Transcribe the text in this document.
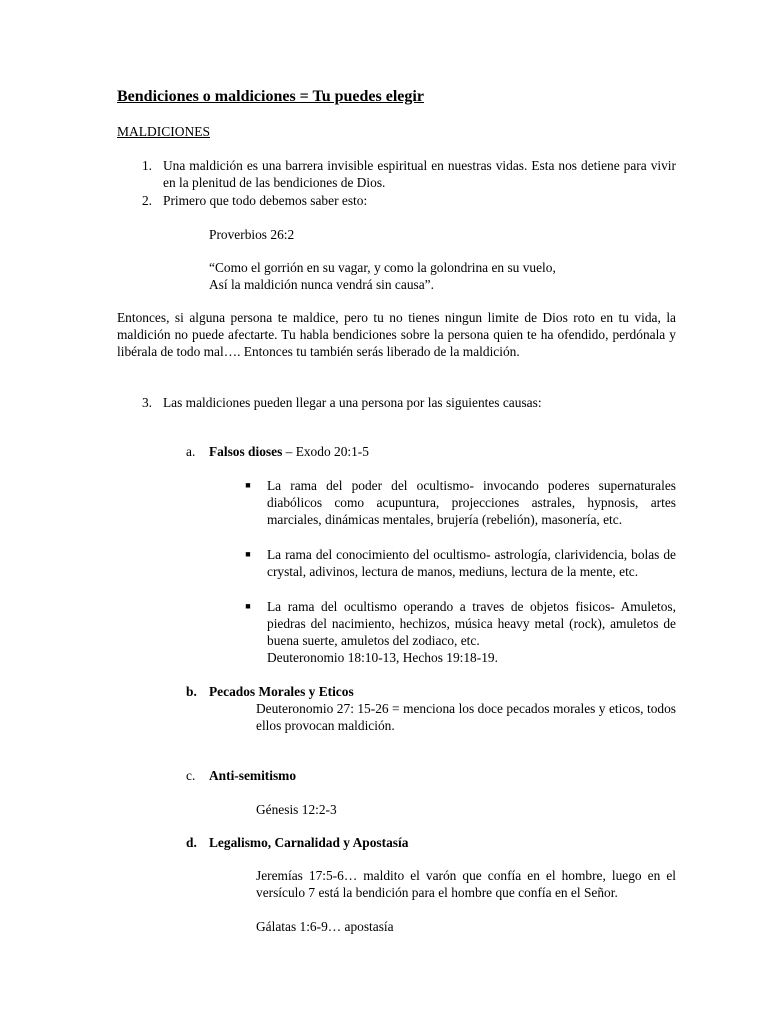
Bendiciones o maldiciones = Tu puedes elegir

MALDICIONES

1. Una maldición es una barrera invisible espiritual en nuestras vidas. Esta nos detiene para vivir en la plenitud de las bendiciones de Dios.

2. Primero que todo debemos saber esto:

Proverbios 26:2

“Como el gorrión en su vagar, y como la golondrina en su vuelo,

Así la maldición nunca vendrá sin causa”.

Entonces, si alguna persona te maldice, pero tu no tienes ningun limite de Dios roto en tu vida, la maldición no puede afectarte. Tu habla bendiciones sobre la persona quien te ha ofendido, perdónala y libérala de todo mal…. Entonces tu también serás liberado de la maldición.

3. Las maldiciones pueden llegar a una persona por las siguientes causas:

a. Falsos dioses – Exodo 20:1-5

■ La rama del poder del ocultismo- invocando poderes supernaturales diabólicos como acupuntura, projecciones astrales, hypnosis, artes marciales, dinámicas mentales, brujería (rebelión), masonería, etc.

■ La rama del conocimiento del ocultismo- astrología, clarividencia, bolas de crystal, adivinos, lectura de manos, mediuns, lectura de la mente, etc.

■ La rama del ocultismo operando a traves de objetos fisicos- Amuletos, piedras del nacimiento, hechizos, música heavy metal (rock), amuletos de buena suerte, amuletos del zodiaco, etc.

Deuteronomio 18:10-13, Hechos 19:18-19.

b. Pecados Morales y Eticos

Deuteronomio 27: 15-26 = menciona los doce pecados morales y eticos, todos ellos provocan maldición.

c. Anti-semitismo

Génesis 12:2-3

d. Legalismo, Carnalidad y Apostasía

Jeremías 17:5-6… maldito el varón que confía en el hombre, luego en el versículo 7 está la bendición para el hombre que confía en el Señor.

Gálatas 1:6-9… apostasía
